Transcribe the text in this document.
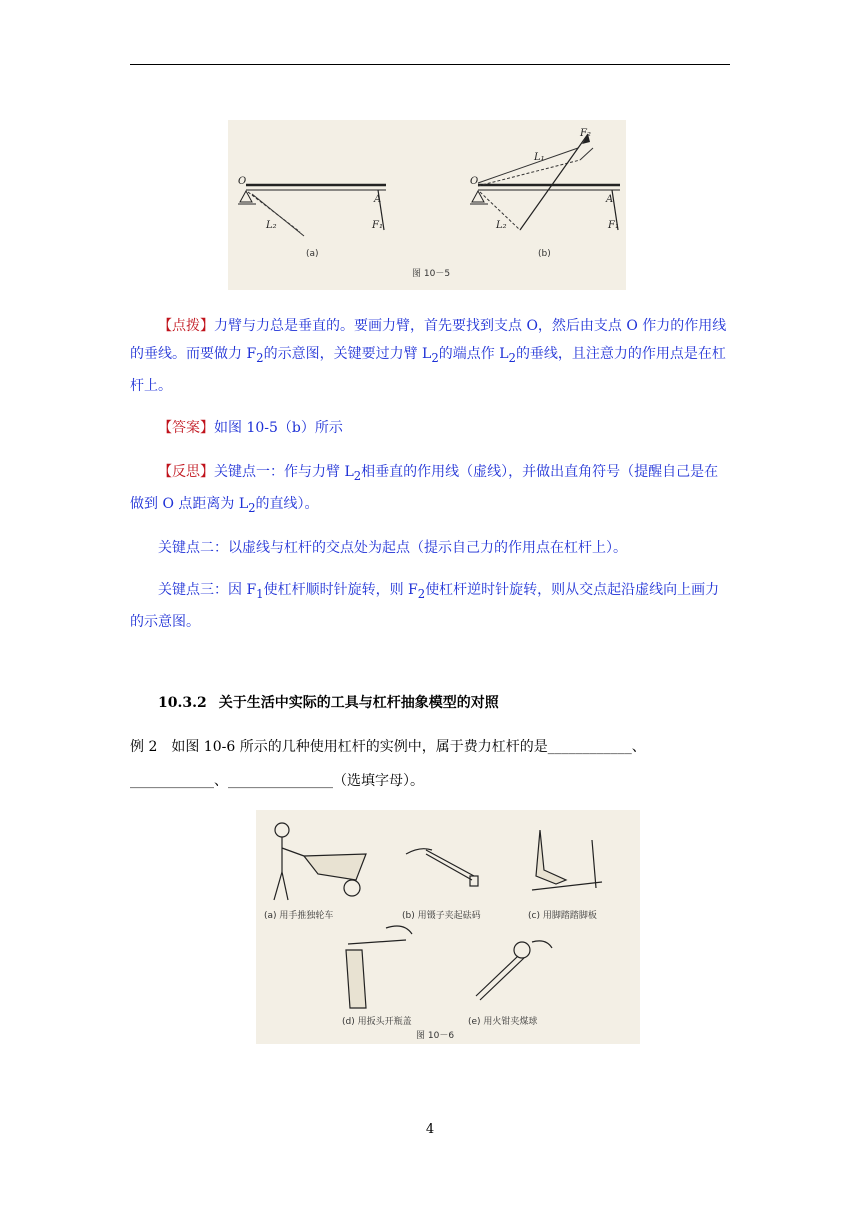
O
A
L₂	F₁
(a)
O
A
L₁
L₂	F₁
F₂
(b)
图 10－5
【点拨】力臂与力总是垂直的。要画力臂，首先要找到支点 O，然后由支点 O 作力的作用线的垂线。而要做力 $F_2$的示意图，关键要过力臂 $L_2$的端点作 $L_2$的垂线，且注意力的作用点是在杠杆上。
【答案】如图 10-5（b）所示
【反思】关键点一：作与力臂 $L_2$相垂直的作用线（虚线），并做出直角符号（提醒自己是在做到 O 点距离为 $L_2$的直线）。
关键点二：以虚线与杠杆的交点处为起点（提示自己力的作用点在杠杆上）。
关键点三：因 $F_1$使杠杆顺时针旋转，则 $F_2$使杠杆逆时针旋转，则从交点起沿虚线向上画力的示意图。
10.3.2 关于生活中实际的工具与杠杆抽象模型的对照
例 2　如图 10-6 所示的几种使用杠杆的实例中，属于费力杠杆的是____________、
____________、_______________（选填字母）。
(a) 用手推独轮车	(b) 用镊子夹起砝码	(c) 用脚踏踏脚板
(d) 用扳头开瓶盖	(e) 用火钳夹煤球
图 10－6
4
